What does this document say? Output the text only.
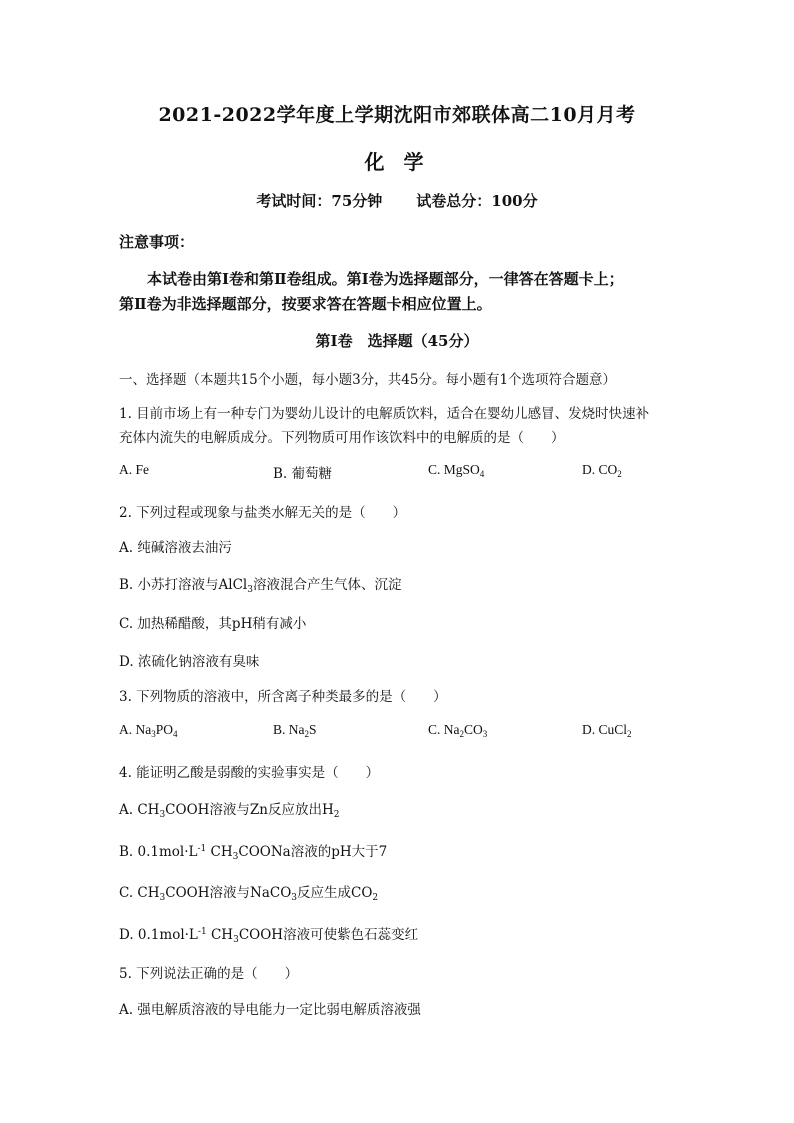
2021-2022学年度上学期沈阳市郊联体高二10月月考
化 学
考试时间：75分钟 试卷总分：100分
注意事项：
本试卷由第Ⅰ卷和第Ⅱ卷组成。第Ⅰ卷为选择题部分，一律答在答题卡上；
第Ⅱ卷为非选择题部分，按要求答在答题卡相应位置上。
第Ⅰ卷　选择题（45分）
一、选择题（本题共15个小题，每小题3分，共45分。每小题有1个选项符合题意）
1. 目前市场上有一种专门为婴幼儿设计的电解质饮料，适合在婴幼儿感冒、发烧时快速补
充体内流失的电解质成分。下列物质可用作该饮料中的电解质的是（　　）
A. Fe	B. 葡萄糖	C. MgSO$_4$	D. $CO_2$
2. 下列过程或现象与盐类水解无关的是（　　）
A. 纯碱溶液去油污
B. 小苏打溶液与AlCl$_3$溶液混合产生气体、沉淀
C. 加热稀醋酸，其pH稍有减小
D. 浓硫化钠溶液有臭味
3. 下列物质的溶液中，所含离子种类最多的是（　　）
A. $Na_3PO_4$	B. $Na_2S$	C. $Na_2CO_3$	D. CuCl$_2$
4. 能证明乙酸是弱酸的实验事实是（　　）
A. $CH_3COOH$溶液与Zn反应放出$H_2$
B. $0.1mol\cdot L^{-1}$ $CH_3COONa$溶液的pH大于7
C. $CH_3COOH$溶液与NaCO$_3$反应生成$CO_2$
D. $0.1mol\cdot L^{-1}$ $CH_3COOH$溶液可使紫色石蕊变红
5. 下列说法正确的是（　　）
A. 强电解质溶液的导电能力一定比弱电解质溶液强
